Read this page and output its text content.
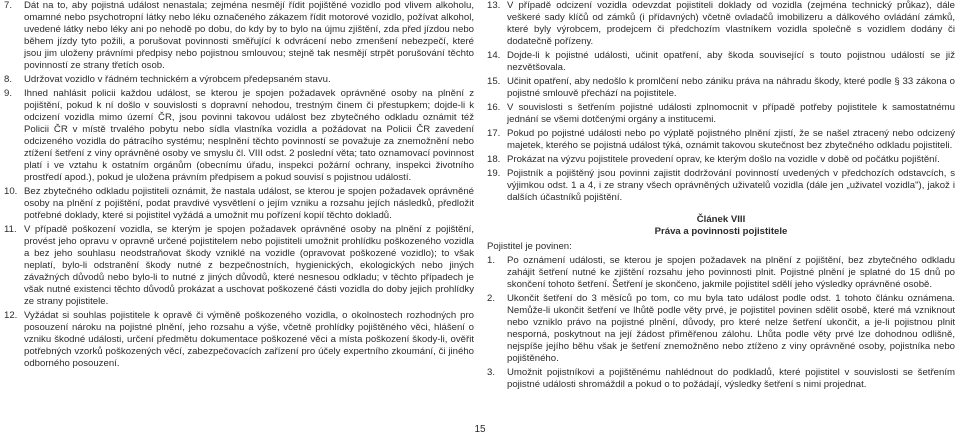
7.	Dát na to, aby pojistná událost nenastala; zejména nesmějí řídit pojištěné vozidlo pod vlivem alkoholu, omamné nebo psychotropní látky nebo léku označeného zákazem řídit motorové vozidlo, požívat alkohol, uvedené látky nebo léky ani po nehodě po dobu, do kdy by to bylo na újmu zjištění, zda před jízdou nebo během jízdy tyto požili, a porušovat povinnosti směřující k odvrácení nebo zmenšení nebezpečí, které jsou jim uloženy právními předpisy nebo pojistnou smlouvou; stejně tak nesmějí strpět porušování těchto povinností ze strany třetích osob.
8.	Udržovat vozidlo v řádném technickém a výrobcem předepsaném stavu.
9.	Ihned nahlásit policii každou událost, se kterou je spojen požadavek oprávněné osoby na plnění z pojištění, pokud k ní došlo v souvislosti s dopravní nehodou, trestným činem či přestupkem; dojde-li k odcizení vozidla mimo území ČR, jsou povinni takovou událost bez zbytečného odkladu oznámit též Policii ČR v místě trvalého pobytu nebo sídla vlastníka vozidla a požádovat na Policii ČR zavedení odcizeného vozidla do pátracího systému; nesplnění těchto povinností se považuje za znemožnění nebo ztížení šetření z viny oprávněné osoby ve smyslu čl. VIII odst. 2 poslední věta; tato oznamovací povinnost platí i ve vztahu k ostatním orgánům (obecnímu úřadu, inspekci požární ochrany, inspekci životního prostředí apod.), pokud je uložena právním předpisem a pokud souvisí s pojistnou událostí.
10. Bez zbytečného odkladu pojistiteli oznámit, že nastala událost, se kterou je spojen požadavek oprávněné osoby na plnění z pojištění, podat pravdivé vysvětlení o jejím vzniku a rozsahu jejích následků, předložit potřebné doklady, které si pojistitel vyžádá a umožnit mu pořízení kopií těchto dokladů.
11. V případě poškození vozidla, se kterým je spojen požadavek oprávněné osoby na plnění z pojištění, provést jeho opravu v opravně určené pojistitelem nebo pojistiteli umožnit prohlídku poškozeného vozidla a bez jeho souhlasu neodstraňovat škody vzniklé na vozidle (opravovat poškozené vozidlo); to však neplatí, bylo-li odstranění škody nutné z bezpečnostních, hygienických, ekologických nebo jiných závažných důvodů nebo bylo-li to nutné z jiných důvodů, které nesnesou odkladu; v těchto případech je však nutné existenci těchto důvodů prokázat a uschovat poškozené části vozidla do doby jejich prohlídky ze strany pojistitele.
12. Vyžádat si souhlas pojistitele k opravě či výměně poškozeného vozidla, o okolnostech rozhodných pro posouzení nároku na pojistné plnění, jeho rozsahu a výše, včetně prohlídky pojištěného věci, hlášení o vzniku škodné události, určení předmětu dokumentace poškozené věci a místa poškození škody-li, ověřit potřebných vzorků poškozených věcí, zabezpečovacích zařízení pro účely expertního zkoumání, či jiného odborného posouzení.
13. V případě odcizení vozidla odevzdat pojistiteli doklady od vozidla (zejména technický průkaz), dále veškeré sady klíčů od zámků (i přídavných) včetně ovladačů imobilizeru a dálkového ovládání zámků, které byly výrobcem, prodejcem či předchozím vlastníkem vozidla společně s vozidlem dodány či dodatečně pořízeny.
14. Dojde-li k pojistné události, učinit opatření, aby škoda související s touto pojistnou událostí se již nezvětšovala.
15. Učinit opatření, aby nedošlo k promlčení nebo zániku práva na náhradu škody, které podle § 33 zákona o pojistné smlouvě přechází na pojistitele.
16. V souvislosti s šetřením pojistné události zplnomocnit v případě potřeby pojistitele k samostatnému jednání se všemi dotčenými orgány a institucemi.
17. Pokud po pojistné události nebo po výplatě pojistného plnění zjistí, že se našel ztracený nebo odcizený majetek, kterého se pojistná událost týká, oznámit takovou skutečnost bez zbytečného odkladu pojistiteli.
18. Prokázat na výzvu pojistitele provedení oprav, ke kterým došlo na vozidle v době od počátku pojištění.
19. Pojistník a pojištěný jsou povinni zajistit dodržování povinností uvedených v předchozích odstavcích, s výjimkou odst. 1 a 4, i ze strany všech oprávněných uživatelů vozidla (dále jen „uživatel vozidla"), jakož i dalších účastníků pojištění.
Článek VIII
Práva a povinnosti pojistitele
Pojistitel je povinen:
1.	Po oznámení události, se kterou je spojen požadavek na plnění z pojištění, bez zbytečného odkladu zahájit šetření nutné ke zjištění rozsahu jeho povinnosti plnit. Pojistné plnění je splatné do 15 dnů po skončení tohoto šetření. Šetření je skončeno, jakmile pojistitel sdělí jeho výsledky oprávněné osobě.
2.	Ukončit šetření do 3 měsíců po tom, co mu byla tato událost podle odst. 1 tohoto článku oznámena. Nemůže-li ukončit šetření ve lhůtě podle věty prvé, je pojistitel povinen sdělit osobě, které má vzniknout nebo vzniklo právo na pojistné plnění, důvody, pro které nelze šetření ukončit, a je-li pojistnou plnit nesporná, poskytnout na její žádost přiměřenou zálohu. Lhůta podle věty prvé lze dohodnou odlišně, nejspíše jejího běhu však je šetření znemožněno nebo ztíženo z viny oprávněné osoby, pojistníka nebo pojištěného.
3.	Umožnit pojistníkovi a pojištěnému nahlédnout do podkladů, které pojistitel v souvislosti se šetřením pojistné události shromáždil a pokud o to požádají, výsledky šetření s nimi projednat.
15
